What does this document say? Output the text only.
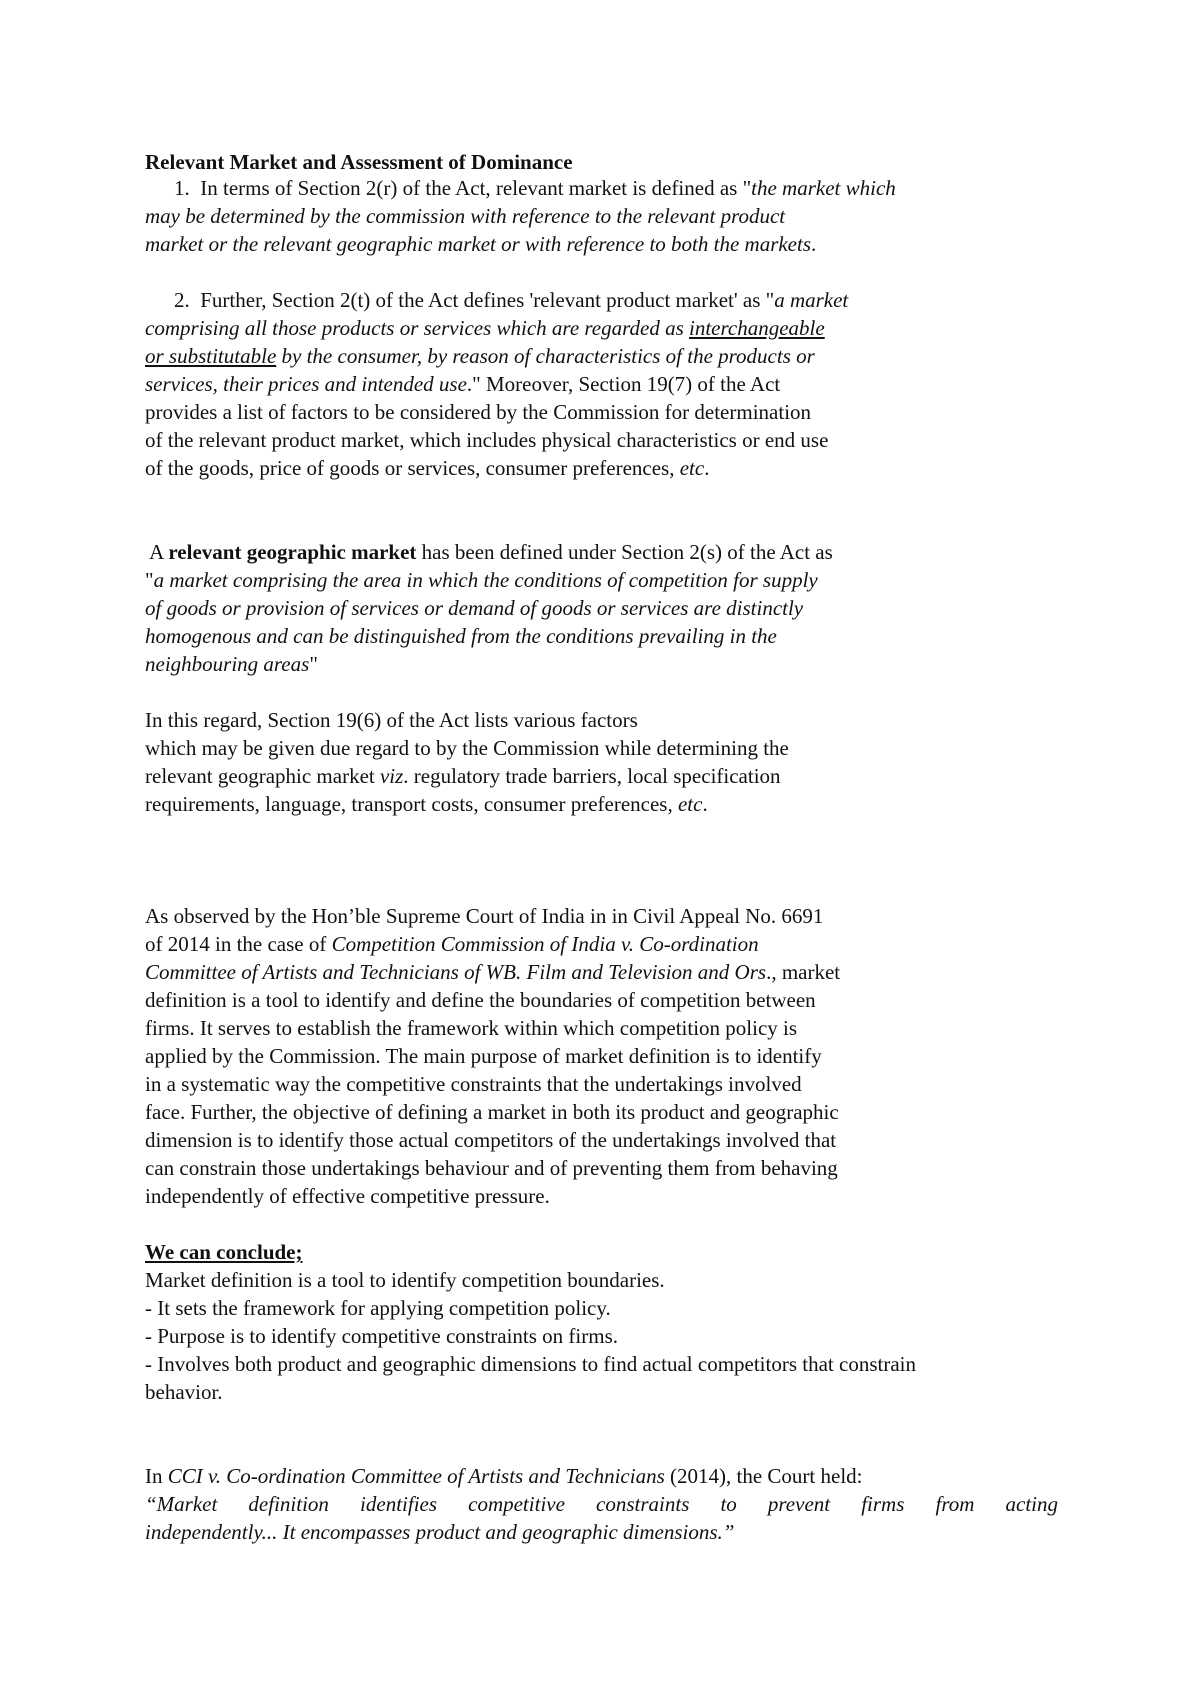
Relevant Market and Assessment of Dominance
1. In terms of Section 2(r) of the Act, relevant market is defined as "the market which
may be determined by the commission with reference to the relevant product
market or the relevant geographic market or with reference to both the markets.
2. Further, Section 2(t) of the Act defines 'relevant product market' as "a market
comprising all those products or services which are regarded as interchangeable
or substitutable by the consumer, by reason of characteristics of the products or
services, their prices and intended use." Moreover, Section 19(7) of the Act
provides a list of factors to be considered by the Commission for determination
of the relevant product market, which includes physical characteristics or end use
of the goods, price of goods or services, consumer preferences, etc.
A relevant geographic market has been defined under Section 2(s) of the Act as
"a market comprising the area in which the conditions of competition for supply
of goods or provision of services or demand of goods or services are distinctly
homogenous and can be distinguished from the conditions prevailing in the
neighbouring areas"
In this regard, Section 19(6) of the Act lists various factors
which may be given due regard to by the Commission while determining the
relevant geographic market viz. regulatory trade barriers, local specification
requirements, language, transport costs, consumer preferences, etc.
As observed by the Hon’ble Supreme Court of India in in Civil Appeal No. 6691
of 2014 in the case of Competition Commission of India v. Co-ordination
Committee of Artists and Technicians of WB. Film and Television and Ors., market
definition is a tool to identify and define the boundaries of competition between
firms. It serves to establish the framework within which competition policy is
applied by the Commission. The main purpose of market definition is to identify
in a systematic way the competitive constraints that the undertakings involved
face. Further, the objective of defining a market in both its product and geographic
dimension is to identify those actual competitors of the undertakings involved that
can constrain those undertakings behaviour and of preventing them from behaving
independently of effective competitive pressure.
We can conclude;
Market definition is a tool to identify competition boundaries.
- It sets the framework for applying competition policy.
- Purpose is to identify competitive constraints on firms.
- Involves both product and geographic dimensions to find actual competitors that constrain
behavior.
In CCI v. Co-ordination Committee of Artists and Technicians (2014), the Court held:
“Market definition identifies competitive constraints to prevent firms from acting
independently... It encompasses product and geographic dimensions.”
